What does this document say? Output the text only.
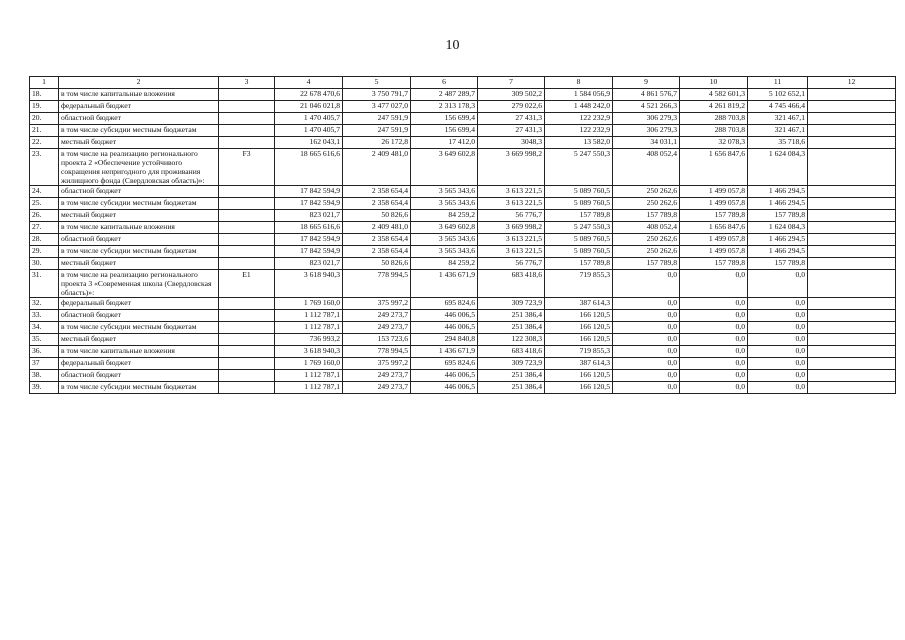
10
1	2	3	4	5	6	7	8	9	10	11	12
18.	в том числе капитальные вложения		22 678 470,6	3 750 791,7	2 487 289,7	309 502,2	1 584 056,9	4 861 576,7	4 582 601,3	5 102 652,1	
19.	федеральный бюджет		21 046 021,8	3 477 027,0	2 313 178,3	279 022,6	1 448 242,0	4 521 266,3	4 261 819,2	4 745 466,4	
20.	областной бюджет		1 470 405,7	247 591,9	156 699,4	27 431,3	122 232,9	306 279,3	288 703,8	321 467,1	
21.	в том числе субсидии местным бюджетам		1 470 405,7	247 591,9	156 699,4	27 431,3	122 232,9	306 279,3	288 703,8	321 467,1	
22.	местный бюджет		162 043,1	26 172,8	17 412,0	3048,3	13 582,0	34 031,1	32 078,3	35 718,6	
23.	в том числе на реализацию регионального проекта 2 «Обеспечение устойчивого сокращения непригодного для проживания жилищного фонда (Свердловская область)»:	F3	18 665 616,6	2 409 481,0	3 649 602,8	3 669 998,2	5 247 550,3	408 052,4	1 656 847,6	1 624 084,3	
24.	областной бюджет		17 842 594,9	2 358 654,4	3 565 343,6	3 613 221,5	5 089 760,5	250 262,6	1 499 057,8	1 466 294,5	
25.	в том числе субсидии местным бюджетам		17 842 594,9	2 358 654,4	3 565 343,6	3 613 221,5	5 089 760,5	250 262,6	1 499 057,8	1 466 294,5	
26.	местный бюджет		823 021,7	50 826,6	84 259,2	56 776,7	157 789,8	157 789,8	157 789,8	157 789,8	
27.	в том числе капитальные вложения		18 665 616,6	2 409 481,0	3 649 602,8	3 669 998,2	5 247 550,3	408 052,4	1 656 847,6	1 624 084,3	
28.	областной бюджет		17 842 594,9	2 358 654,4	3 565 343,6	3 613 221,5	5 089 760,5	250 262,6	1 499 057,8	1 466 294,5	
29.	в том числе субсидии местным бюджетам		17 842 594,9	2 358 654,4	3 565 343,6	3 613 221,5	5 089 760,5	250 262,6	1 499 057,8	1 466 294,5	
30.	местный бюджет		823 021,7	50 826,6	84 259,2	56 776,7	157 789,8	157 789,8	157 789,8	157 789,8	
31.	в том числе на реализацию регионального проекта 3 «Современная школа (Свердловская область)»:	E1	3 618 940,3	778 994,5	1 436 671,9	683 418,6	719 855,3	0,0	0,0	0,0	
32.	федеральный бюджет		1 769 160,0	375 997,2	695 824,6	309 723,9	387 614,3	0,0	0,0	0,0	
33.	областной бюджет		1 112 787,1	249 273,7	446 006,5	251 386,4	166 120,5	0,0	0,0	0,0	
34.	в том числе субсидии местным бюджетам		1 112 787,1	249 273,7	446 006,5	251 386,4	166 120,5	0,0	0,0	0,0	
35.	местный бюджет		736 993,2	153 723,6	294 840,8	122 308,3	166 120,5	0,0	0,0	0,0	
36.	в том числе капитальные вложения		3 618 940,3	778 994,5	1 436 671,9	683 418,6	719 855,3	0,0	0,0	0,0	
37	федеральный бюджет		1 769 160,0	375 997,2	695 824,6	309 723,9	387 614,3	0,0	0,0	0,0	
38.	областной бюджет		1 112 787,1	249 273,7	446 006,5	251 386,4	166 120,5	0,0	0,0	0,0	
39.	в том числе субсидии местным бюджетам		1 112 787,1	249 273,7	446 006,5	251 386,4	166 120,5	0,0	0,0	0,0	
